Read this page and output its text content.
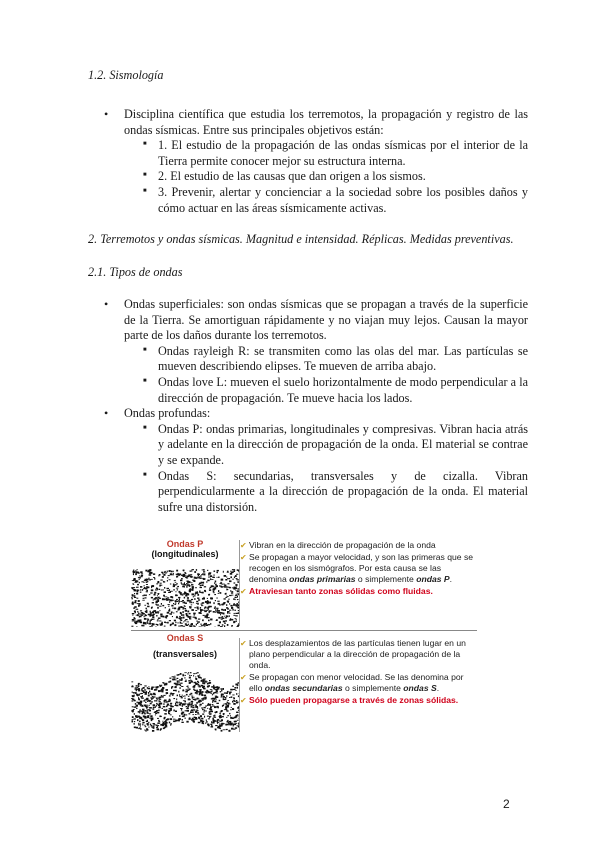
1.2. Sismología
• Disciplina científica que estudia los terremotos, la propagación y registro de las ondas sísmicas. Entre sus principales objetivos están:
■ 1. El estudio de la propagación de las ondas sísmicas por el interior de la Tierra permite conocer mejor su estructura interna.
■ 2. El estudio de las causas que dan origen a los sismos.
■ 3. Prevenir, alertar y concienciar a la sociedad sobre los posibles daños y cómo actuar en las áreas sísmicamente activas.
2. Terremotos y ondas sísmicas. Magnitud e intensidad. Réplicas. Medidas preventivas.
2.1. Tipos de ondas
• Ondas superficiales: son ondas sísmicas que se propagan a través de la superficie de la Tierra. Se amortiguan rápidamente y no viajan muy lejos. Causan la mayor parte de los daños durante los terremotos.
■ Ondas rayleigh R: se transmiten como las olas del mar. Las partículas se mueven describiendo elipses. Te mueven de arriba abajo.
■ Ondas love L: mueven el suelo horizontalmente de modo perpendicular a la dirección de propagación. Te mueve hacia los lados.
• Ondas profundas:
■ Ondas P: ondas primarias, longitudinales y compresivas. Vibran hacia atrás y adelante en la dirección de propagación de la onda. El material se contrae y se expande.
■ Ondas S: secundarias, transversales y de cizalla. Vibran perpendicularmente a la dirección de propagación de la onda. El material sufre una distorsión.
Ondas P
(longitudinales)
✔ Vibran en la dirección de propagación de la onda
✔ Se propagan a mayor velocidad, y son las primeras que se recogen en los sismógrafos. Por esta causa se las denomina ondas primarias o simplemente ondas P.
✔ Atraviesan tanto zonas sólidas como fluidas.
Ondas S
(transversales)
✔ Los desplazamientos de las partículas tienen lugar en un plano perpendicular a la dirección de propagación de la onda.
✔ Se propagan con menor velocidad. Se las denomina por ello ondas secundarias o simplemente ondas S.
✔ Sólo pueden propagarse a través de zonas sólidas.
2
